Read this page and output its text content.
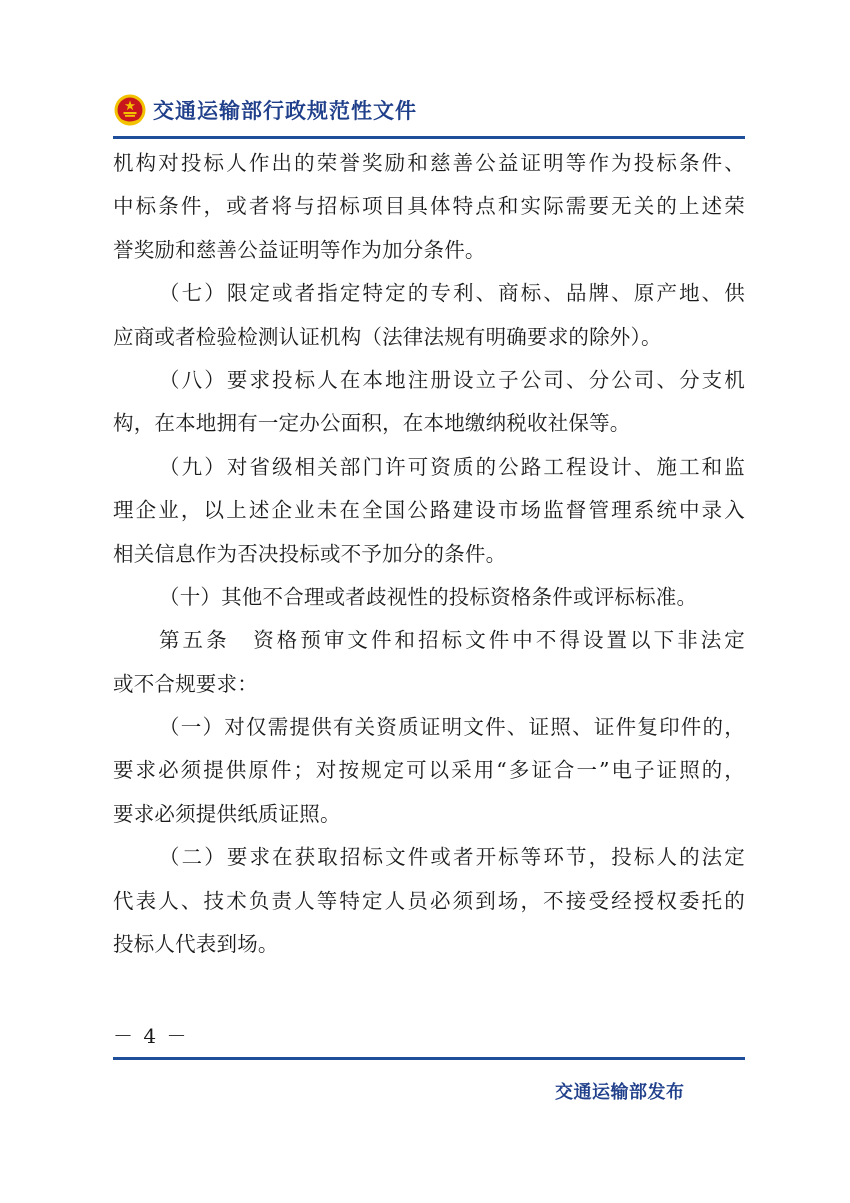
交通运输部行政规范性文件
机构对投标人作出的荣誉奖励和慈善公益证明等作为投标条件、
中标条件，或者将与招标项目具体特点和实际需要无关的上述荣
誉奖励和慈善公益证明等作为加分条件。
（七）限定或者指定特定的专利、商标、品牌、原产地、供
应商或者检验检测认证机构（法律法规有明确要求的除外）。
（八）要求投标人在本地注册设立子公司、分公司、分支机
构，在本地拥有一定办公面积，在本地缴纳税收社保等。
（九）对省级相关部门许可资质的公路工程设计、施工和监
理企业，以上述企业未在全国公路建设市场监督管理系统中录入
相关信息作为否决投标或不予加分的条件。
（十）其他不合理或者歧视性的投标资格条件或评标标准。
第五条　资格预审文件和招标文件中不得设置以下非法定
或不合规要求：
（一）对仅需提供有关资质证明文件、证照、证件复印件的，
要求必须提供原件；对按规定可以采用“多证合一”电子证照的，
要求必须提供纸质证照。
（二）要求在获取招标文件或者开标等环节，投标人的法定
代表人、技术负责人等特定人员必须到场，不接受经授权委托的
投标人代表到场。
－ 4 －
交通运输部发布
